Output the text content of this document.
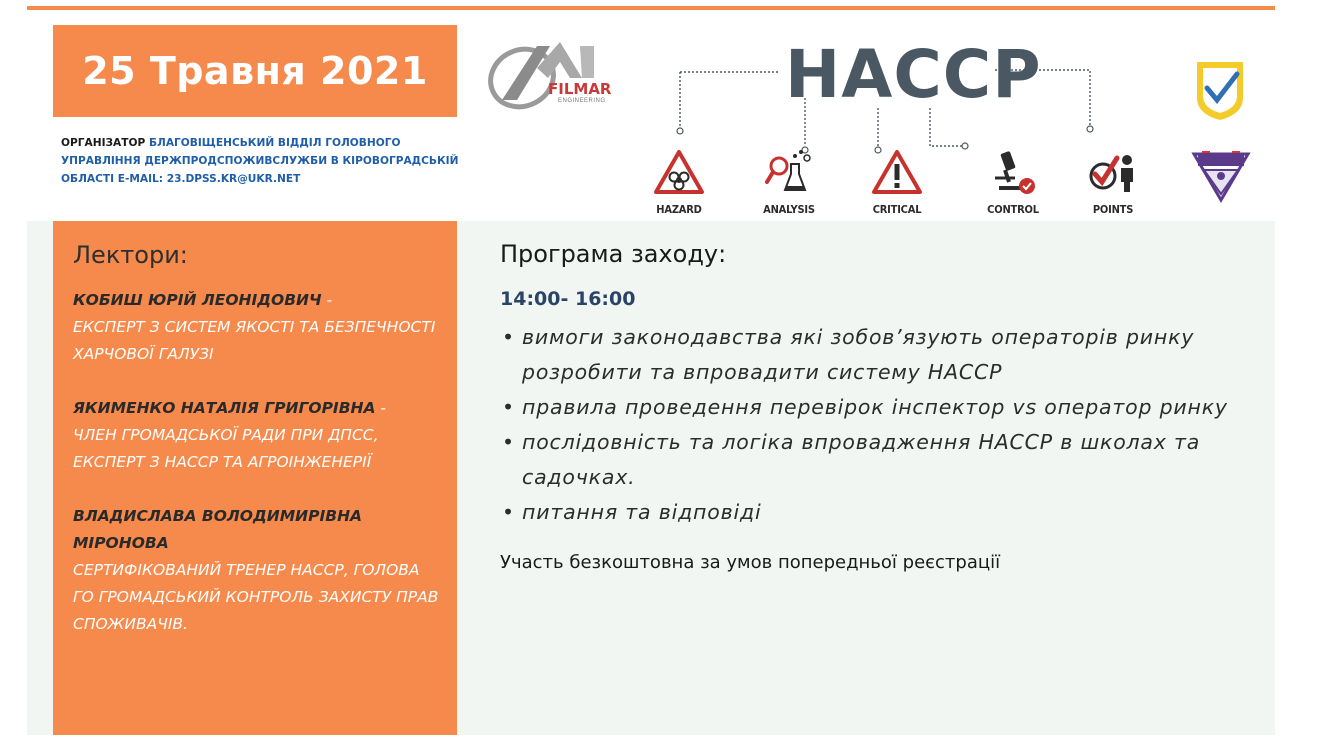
25 Травня 2021
ОРГАНІЗАТОР БЛАГОВІЩЕНСЬКИЙ ВІДДІЛ ГОЛОВНОГО УПРАВЛІННЯ ДЕРЖПРОДСПОЖИВСЛУЖБИ В КІРОВОГРАДСЬКІЙ ОБЛАСТІ E-MAIL: 23.DPSS.KR@UKR.NET
FILMAR
ENGINEERING	HACCP
HAZARD	ANALYSIS	CRITICAL	CONTROL	POINTS
Лектори:
КОБИШ ЮРІЙ ЛЕОНІДОВИЧ -
ЕКСПЕРТ З СИСТЕМ ЯКОСТІ ТА БЕЗПЕЧНОСТІ ХАРЧОВОЇ ГАЛУЗІ
ЯКИМЕНКО НАТАЛІЯ ГРИГОРІВНА -
ЧЛЕН ГРОМАДСЬКОЇ РАДИ ПРИ ДПСС, ЕКСПЕРТ З НАССР ТА АГРОІНЖЕНЕРІЇ
ВЛАДИСЛАВА ВОЛОДИМИРІВНА МІРОНОВА
СЕРТИФІКОВАНИЙ ТРЕНЕР НАССР, ГОЛОВА ГО ГРОМАДСЬКИЙ КОНТРОЛЬ ЗАХИСТУ ПРАВ СПОЖИВАЧІВ.
Програма заходу:
14:00- 16:00
• вимоги законодавства які зобов’язують операторів ринку розробити та впровадити систему НАССР
• правила проведення перевірок інспектор vs оператор ринку
• послідовність та логіка впровадження НАССР в школах та садочках.
• питання та відповіді
Участь безкоштовна за умов попередньої реєстрації
